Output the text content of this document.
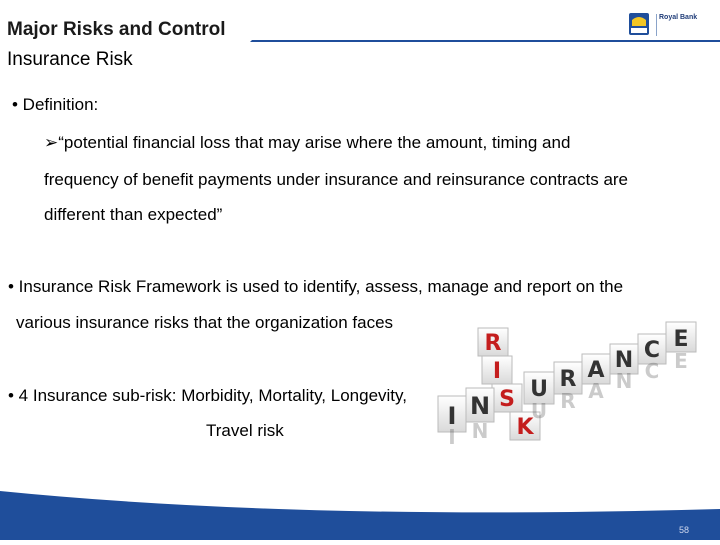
Major Risks and Control
Insurance Risk
Royal Bank
• Definition:
➢“potential financial loss that may arise where the amount, timing and
frequency of benefit payments under insurance and reinsurance contracts are
different than expected”
• Insurance Risk Framework is used to identify, assess, manage and report on the
various insurance risks that the organization faces
• 4 Insurance sub-risk: Morbidity, Mortality, Longevity,
Travel risk
R
I
S
K
I N
U R A N C E
U R A N C E
I N
58
